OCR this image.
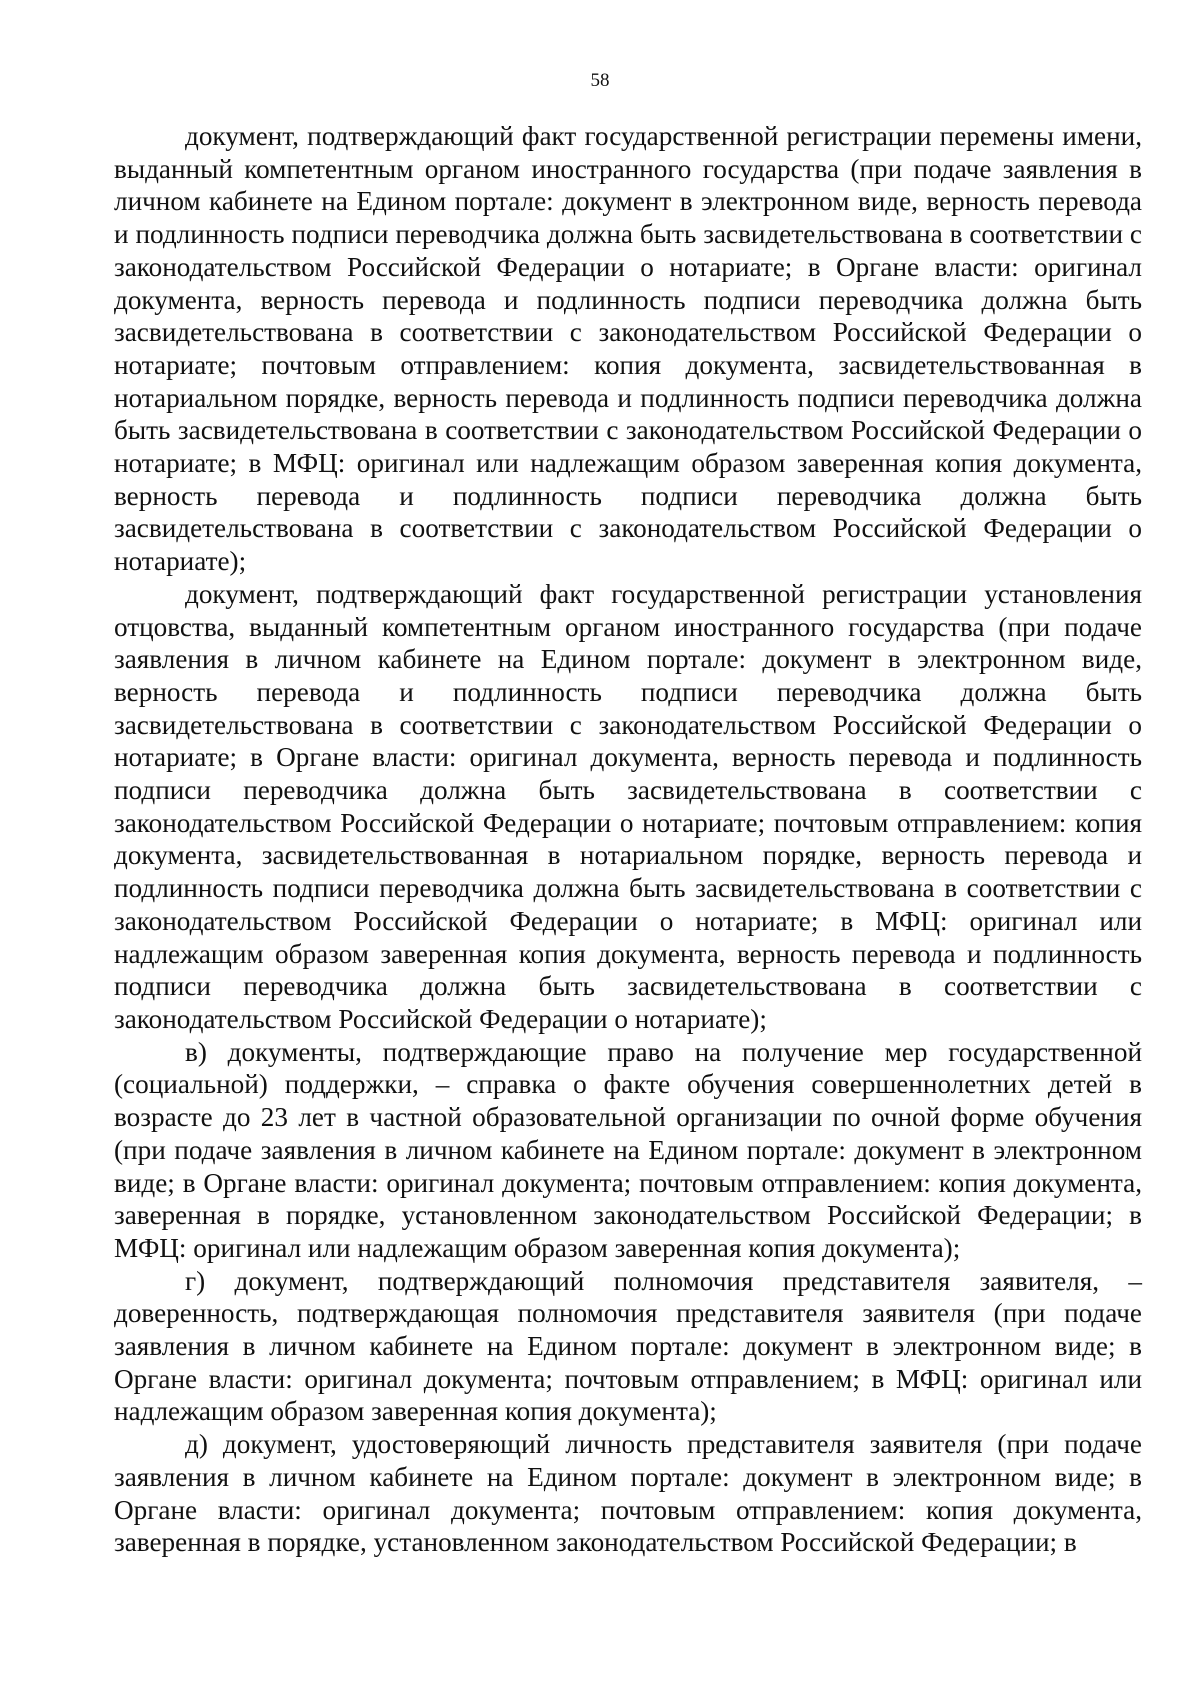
58

документ, подтверждающий факт государственной регистрации перемены имени, выданный компетентным органом иностранного государства (при подаче заявления в личном кабинете на Едином портале: документ в электронном виде, верность перевода и подлинность подписи переводчика должна быть засвидетельствована в соответствии с законодательством Российской Федерации о нотариате; в Органе власти: оригинал документа, верность перевода и подлинность подписи переводчика должна быть засвидетельствована в соответствии с законодательством Российской Федерации о нотариате; почтовым отправлением: копия документа, засвидетельствованная в нотариальном порядке, верность перевода и подлинность подписи переводчика должна быть засвидетельствована в соответствии с законодательством Российской Федерации о нотариате; в МФЦ: оригинал или надлежащим образом заверенная копия документа, верность перевода и подлинность подписи переводчика должна быть засвидетельствована в соответствии с законодательством Российской Федерации о нотариате);

документ, подтверждающий факт государственной регистрации установления отцовства, выданный компетентным органом иностранного государства (при подаче заявления в личном кабинете на Едином портале: документ в электронном виде, верность перевода и подлинность подписи переводчика должна быть засвидетельствована в соответствии с законодательством Российской Федерации о нотариате; в Органе власти: оригинал документа, верность перевода и подлинность подписи переводчика должна быть засвидетельствована в соответствии с законодательством Российской Федерации о нотариате; почтовым отправлением: копия документа, засвидетельствованная в нотариальном порядке, верность перевода и подлинность подписи переводчика должна быть засвидетельствована в соответствии с законодательством Российской Федерации о нотариате; в МФЦ: оригинал или надлежащим образом заверенная копия документа, верность перевода и подлинность подписи переводчика должна быть засвидетельствована в соответствии с законодательством Российской Федерации о нотариате);

в) документы, подтверждающие право на получение мер государственной (социальной) поддержки, – справка о факте обучения совершеннолетних детей в возрасте до 23 лет в частной образовательной организации по очной форме обучения (при подаче заявления в личном кабинете на Едином портале: документ в электронном виде; в Органе власти: оригинал документа; почтовым отправлением: копия документа, заверенная в порядке, установленном законодательством Российской Федерации; в МФЦ: оригинал или надлежащим образом заверенная копия документа);

г) документ, подтверждающий полномочия представителя заявителя, – доверенность, подтверждающая полномочия представителя заявителя (при подаче заявления в личном кабинете на Едином портале: документ в электронном виде; в Органе власти: оригинал документа; почтовым отправлением; в МФЦ: оригинал или надлежащим образом заверенная копия документа);

д) документ, удостоверяющий личность представителя заявителя (при подаче заявления в личном кабинете на Едином портале: документ в электронном виде; в Органе власти: оригинал документа; почтовым отправлением: копия документа, заверенная в порядке, установленном законодательством Российской Федерации; в
